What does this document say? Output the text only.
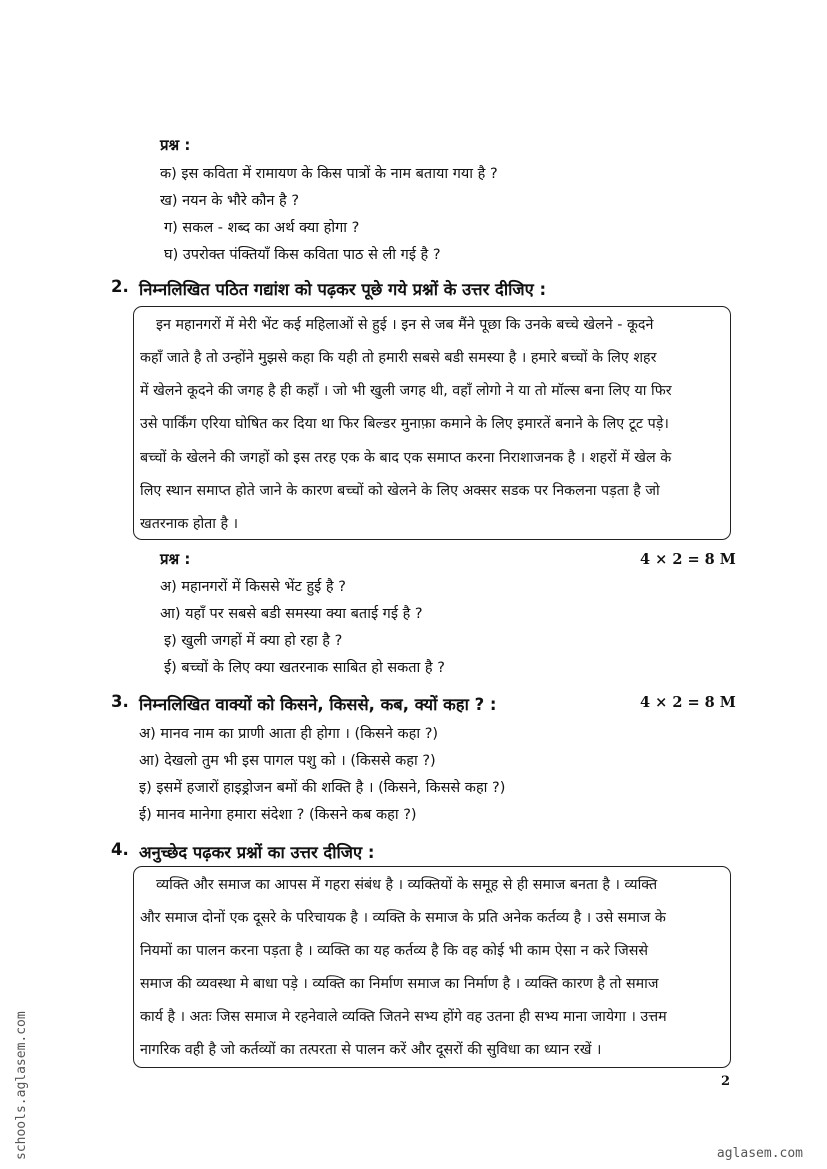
प्रश्न :
क) इस कविता में रामायण के किस पात्रों के नाम बताया गया है ?
ख) नयन के भौरे कौन है ?
ग) सकल - शब्द का अर्थ क्या होगा ?
घ) उपरोक्त पंक्तियाँ किस कविता पाठ से ली गई है ?
2. निम्नलिखित पठित गद्यांश को पढ़कर पूछे गये प्रश्नों के उत्तर दीजिए :
इन महानगरों में मेरी भेंट कई महिलाओं से हुई । इन से जब मैंने पूछा कि उनके बच्चे खेलने - कूदने
कहाँ जाते है तो उन्होंने मुझसे कहा कि यही तो हमारी सबसे बडी समस्या है । हमारे बच्चों के लिए शहर
में खेलने कूदने की जगह है ही कहाँ । जो भी खुली जगह थी, वहाँ लोगो ने या तो मॉल्स बना लिए या फिर
उसे पार्किंग एरिया घोषित कर दिया था फिर बिल्डर मुनाफ़ा कमाने के लिए इमारतें बनाने के लिए टूट पड़े।
बच्चों के खेलने की जगहों को इस तरह एक के बाद एक समाप्त करना निराशाजनक है । शहरों में खेल के
लिए स्थान समाप्त होते जाने के कारण बच्चों को खेलने के लिए अक्सर सडक पर निकलना पड़ता है जो
खतरनाक होता है ।
प्रश्न :	4 × 2 = 8 M
अ) महानगरों में किससे भेंट हुई है ?
आ) यहाँ पर सबसे बडी समस्या क्या बताई गई है ?
इ) खुली जगहों में क्या हो रहा है ?
ई) बच्चों के लिए क्या खतरनाक साबित हो सकता है ?
3. निम्नलिखित वाक्यों को किसने, किससे, कब, क्यों कहा ? :	4 × 2 = 8 M
अ) मानव नाम का प्राणी आता ही होगा । (किसने कहा ?)
आ) देखलो तुम भी इस पागल पशु को । (किससे कहा ?)
इ) इसमें हजारों हाइड्रोजन बमों की शक्ति है । (किसने, किससे कहा ?)
ई) मानव मानेगा हमारा संदेशा ? (किसने कब कहा ?)
4. अनुच्छेद पढ़कर प्रश्नों का उत्तर दीजिए :
व्यक्ति और समाज का आपस में गहरा संबंध है । व्यक्तियों के समूह से ही समाज बनता है । व्यक्ति
और समाज दोनों एक दूसरे के परिचायक है । व्यक्ति के समाज के प्रति अनेक कर्तव्य है । उसे समाज के
नियमों का पालन करना पड़ता है । व्यक्ति का यह कर्तव्य है कि वह कोई भी काम ऐसा न करे जिससे
समाज की व्यवस्था मे बाधा पड़े । व्यक्ति का निर्माण समाज का निर्माण है । व्यक्ति कारण है तो समाज
कार्य है । अतः जिस समाज मे रहनेवाले व्यक्ति जितने सभ्य होंगे वह उतना ही सभ्य माना जायेगा । उत्तम
नागरिक वही है जो कर्तव्यों का तत्परता से पालन करें और दूसरों की सुविधा का ध्यान रखें ।
2
schools.aglasem.com	aglasem.com
